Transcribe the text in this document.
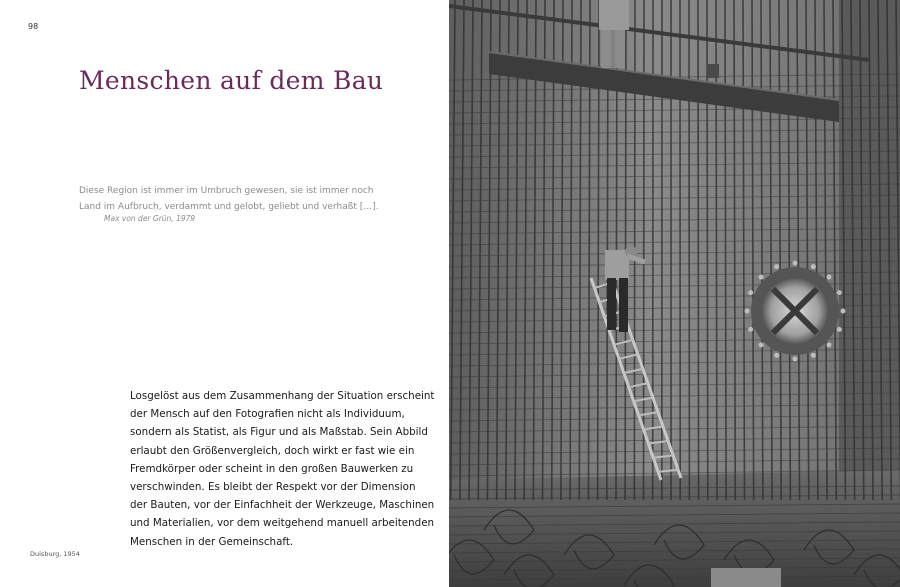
98
Menschen auf dem Bau
Diese Region ist immer im Umbruch gewesen, sie ist immer noch
Land im Aufbruch, verdammt und gelobt, geliebt und verhaßt […].
Max von der Grün, 1979
Losgelöst aus dem Zusammenhang der Situation erscheint
der Mensch auf den Fotografien nicht als Individuum,
sondern als Statist, als Figur und als Maßstab. Sein Abbild
erlaubt den Größenvergleich, doch wirkt er fast wie ein
Fremdkörper oder scheint in den großen Bauwerken zu
verschwinden. Es bleibt der Respekt vor der Dimension
der Bauten, vor der Einfachheit der Werkzeuge, Maschinen
und Materialien, vor dem weitgehend manuell arbeitenden
Menschen in der Gemeinschaft.
Duisburg, 1954
